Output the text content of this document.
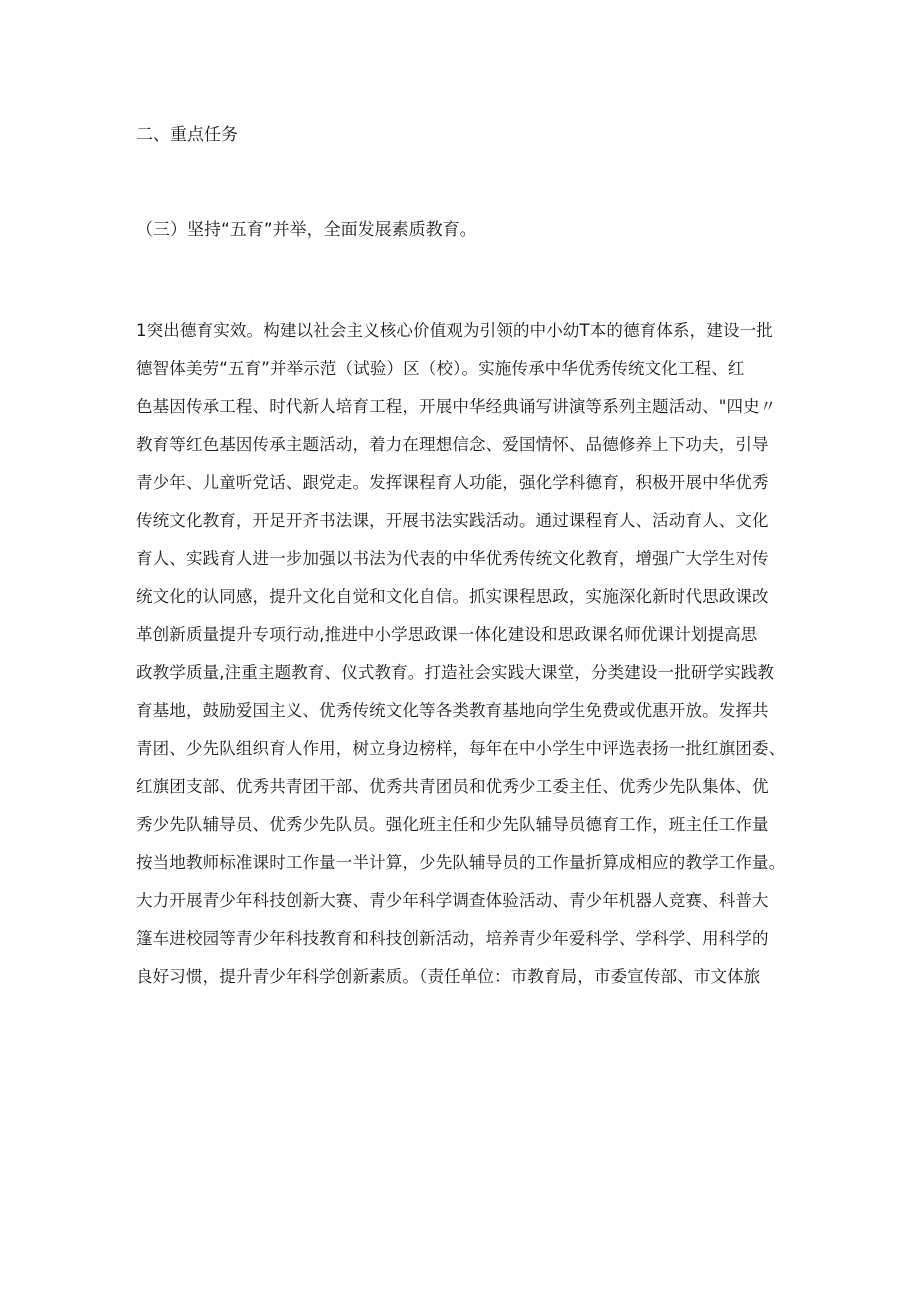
二、重点任务
（三）坚持“五育”并举，全面发展素质教育。
1突出德育实效。构建以社会主义核心价值观为引领的中小幼T本的德育体系，建设一批
德智体美劳“五育”并举示范（试验）区（校）。实施传承中华优秀传统文化工程、红
色基因传承工程、时代新人培育工程，开展中华经典诵写讲演等系列主题活动、"四史〃
教育等红色基因传承主题活动，着力在理想信念、爱国情怀、品德修养上下功夫，引导
青少年、儿童听党话、跟党走。发挥课程育人功能，强化学科德育，积极开展中华优秀
传统文化教育，开足开齐书法课，开展书法实践活动。通过课程育人、活动育人、文化
育人、实践育人进一步加强以书法为代表的中华优秀传统文化教育，增强广大学生对传
统文化的认同感，提升文化自觉和文化自信。抓实课程思政，实施深化新时代思政课改
革创新质量提升专项行动,推进中小学思政课一体化建设和思政课名师优课计划提高思
政教学质量,注重主题教育、仪式教育。打造社会实践大课堂，分类建设一批研学实践教
育基地，鼓励爱国主义、优秀传统文化等各类教育基地向学生免费或优惠开放。发挥共
青团、少先队组织育人作用，树立身边榜样，每年在中小学生中评选表扬一批红旗团委、
红旗团支部、优秀共青团干部、优秀共青团员和优秀少工委主任、优秀少先队集体、优
秀少先队辅导员、优秀少先队员。强化班主任和少先队辅导员德育工作，班主任工作量
按当地教师标准课时工作量一半计算，少先队辅导员的工作量折算成相应的教学工作量。
大力开展青少年科技创新大赛、青少年科学调查体验活动、青少年机器人竞赛、科普大
篷车进校园等青少年科技教育和科技创新活动，培养青少年爱科学、学科学、用科学的
良好习惯，提升青少年科学创新素质。（责任单位：市教育局，市委宣传部、市文体旅
